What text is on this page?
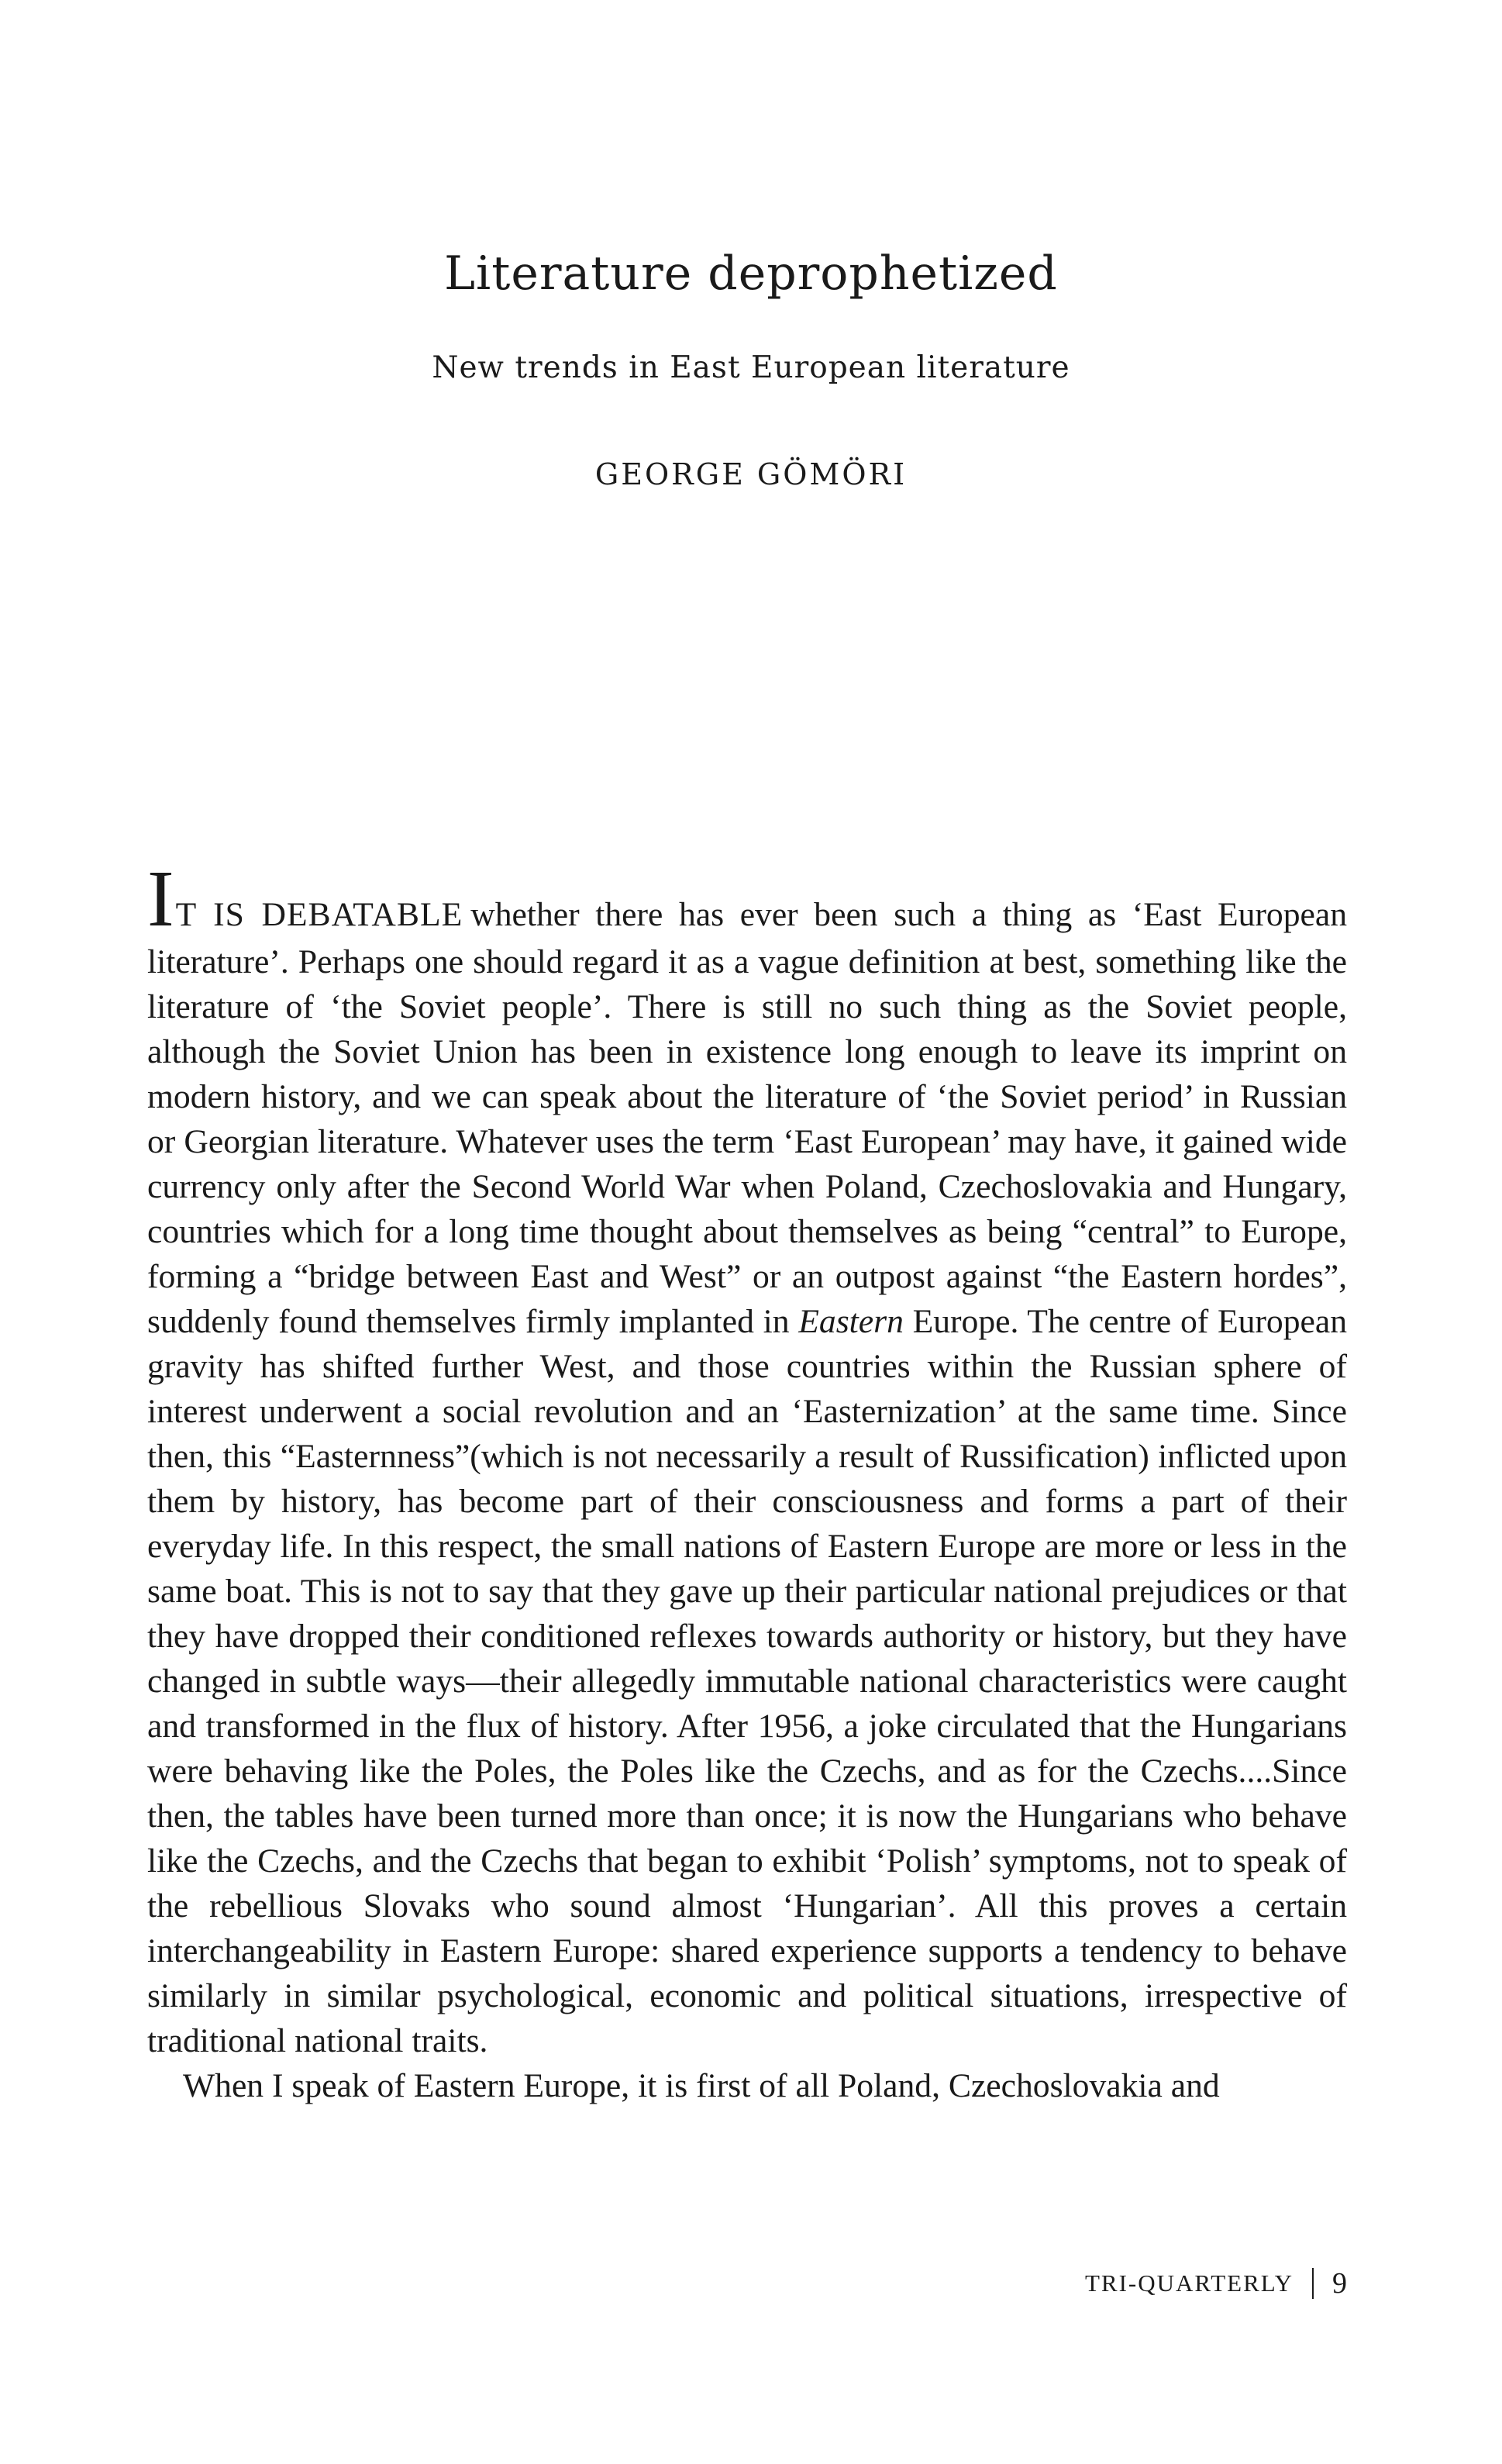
Literature deprophetized
New trends in East European literature
GEORGE GÖMÖRI

IT IS DEBATABLE whether there has ever been such a thing as ‘East European literature’. Perhaps one should regard it as a vague definition at best, something like the literature of ‘the Soviet people’. There is still no such thing as the Soviet people, although the Soviet Union has been in existence long enough to leave its imprint on modern history, and we can speak about the literature of ‘the Soviet period’ in Russian or Georgian literature. Whatever uses the term ‘East European’ may have, it gained wide currency only after the Second World War when Poland, Czechoslovakia and Hungary, countries which for a long time thought about themselves as being “central” to Europe, forming a “bridge between East and West” or an outpost against “the Eastern hordes”, suddenly found themselves firmly implanted in Eastern Europe. The centre of European gravity has shifted further West, and those countries within the Russian sphere of interest underwent a social revolution and an ‘Easternization’ at the same time. Since then, this “Easternness”(which is not necessarily a result of Russification) inflicted upon them by history, has become part of their consciousness and forms a part of their everyday life. In this respect, the small nations of Eastern Europe are more or less in the same boat. This is not to say that they gave up their particular national prejudices or that they have dropped their conditioned reflexes towards authority or history, but they have changed in subtle ways—their allegedly immutable national characteristics were caught and transformed in the flux of history. After 1956, a joke circulated that the Hungarians were behaving like the Poles, the Poles like the Czechs, and as for the Czechs....Since then, the tables have been turned more than once; it is now the Hungarians who behave like the Czechs, and the Czechs that began to exhibit ‘Polish’ symptoms, not to speak of the rebellious Slovaks who sound almost ‘Hungarian’. All this proves a certain interchangeability in Eastern Europe: shared experience supports a tendency to behave similarly in similar psychological, economic and political situations, irrespective of traditional national traits.

When I speak of Eastern Europe, it is first of all Poland, Czechoslovakia and

TRI-QUARTERLY 9
